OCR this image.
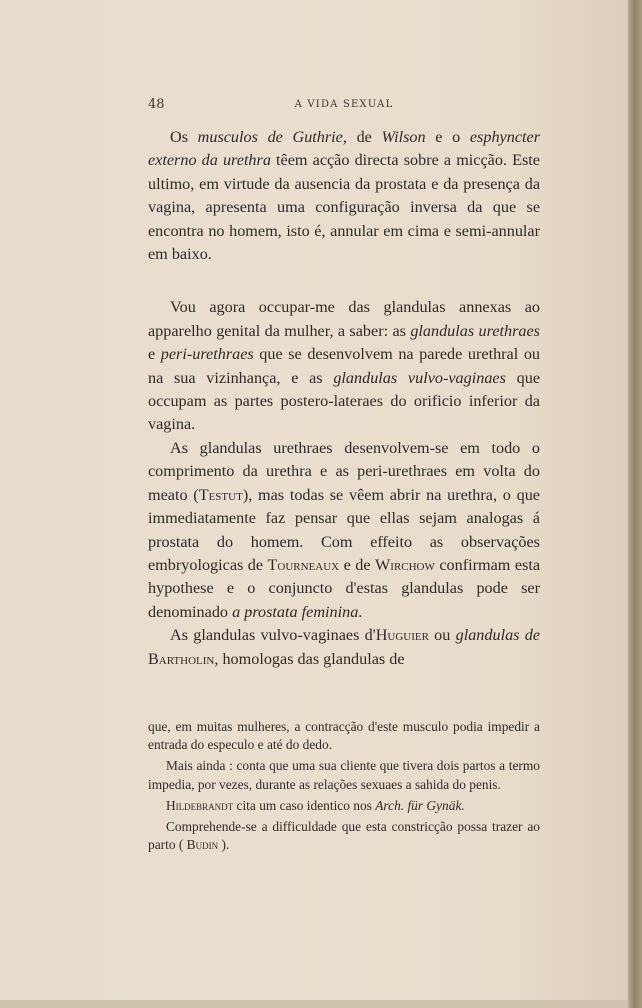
48	A VIDA SEXUAL

Os musculos de Guthrie, de Wilson e o esphyncter externo da urethra têem acção directa sobre a micção. Este ultimo, em virtude da ausencia da prostata e da presença da vagina, apresenta uma configuração inversa da que se encontra no homem, isto é, annular em cima e semi-annular em baixo.

Vou agora occupar-me das glandulas annexas ao apparelho genital da mulher, a saber: as glandulas urethraes e peri-urethraes que se desenvolvem na parede urethral ou na sua vizinhança, e as glandulas vulvo-vaginaes que occupam as partes postero-lateraes do orificio inferior da vagina.

As glandulas urethraes desenvolvem-se em todo o comprimento da urethra e as peri-urethraes em volta do meato (Testut), mas todas se vêem abrir na urethra, o que immediatamente faz pensar que ellas sejam analogas á prostata do homem. Com effeito as observações embryologicas de Tourneaux e de Wirchow confirmam esta hypothese e o conjuncto d'estas glandulas pode ser denominado a prostata feminina.

As glandulas vulvo-vaginaes d'Huguier ou glandulas de Bartholin, homologas das glandulas de

que, em muitas mulheres, a contracção d'este musculo podia impedir a entrada do especulo e até do dedo.

Mais ainda : conta que uma sua cliente que tivera dois partos a termo impedia, por vezes, durante as relações sexuaes a sahida do penis.

Hildebrandt cita um caso identico nos Arch. für Gynäk.

Comprehende-se a difficuldade que esta constricção possa trazer ao parto ( Budin ).
